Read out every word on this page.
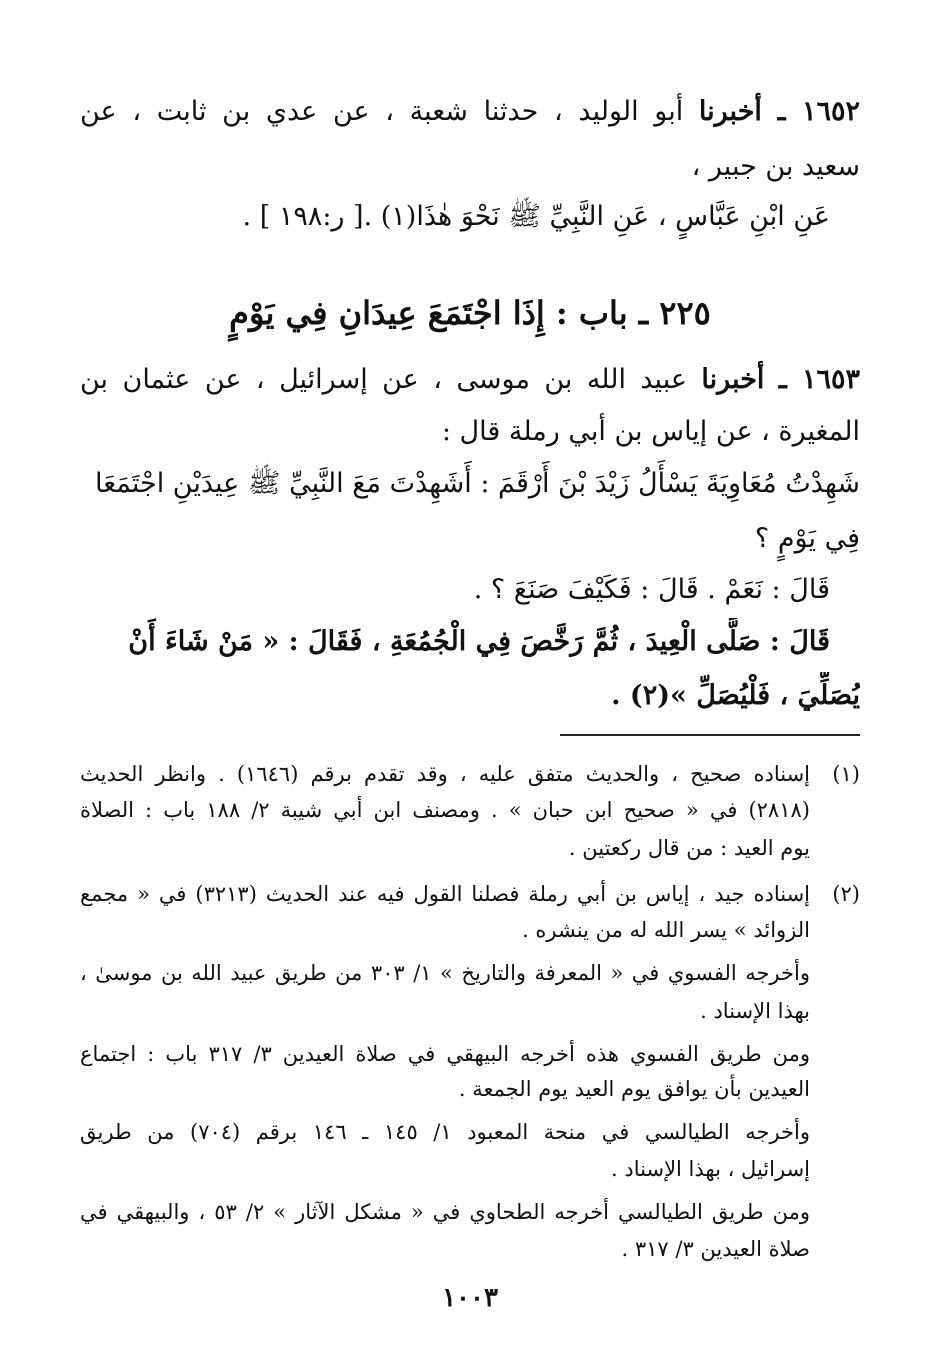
١٦٥٢ ـ أخبرنا أبو الوليد ، حدثنا شعبة ، عن عدي بن ثابت ، عن
سعيد بن جبير ،
عَنِ ابْنِ عَبَّاسٍ ، عَنِ النَّبِيِّ ﷺ نَحْوَ هٰذَا(١) .[ ر:١٩٨ ] .
٢٢٥ ـ باب : إِذَا اجْتَمَعَ عِيدَانِ فِي يَوْمٍ
١٦٥٣ ـ أخبرنا عبيد الله بن موسى ، عن إسرائيل ، عن عثمان بن
المغيرة ، عن إياس بن أبي رملة قال :
شَهِدْتُ مُعَاوِيَةَ يَسْأَلُ زَيْدَ بْنَ أَرْقَمَ : أَشَهِدْتَ مَعَ النَّبِيِّ ﷺ عِيدَيْنِ اجْتَمَعَا
فِي يَوْمٍ ؟
قَالَ : نَعَمْ . قَالَ : فَكَيْفَ صَنَعَ ؟ .
قَالَ : صَلَّى الْعِيدَ ، ثُمَّ رَخَّصَ فِي الْجُمُعَةِ ، فَقَالَ : « مَنْ شَاءَ أَنْ
يُصَلِّيَ ، فَلْيُصَلِّ »(٢) .
(١)
إسناده صحيح ، والحديث متفق عليه ، وقد تقدم برقم (١٦٤٦) . وانظر الحديث
(٢٨١٨) في « صحيح ابن حبان » . ومصنف ابن أبي شيبة ٢/ ١٨٨ باب : الصلاة
يوم العيد : من قال ركعتين .
(٢)
إسناده جيد ، إياس بن أبي رملة فصلنا القول فيه عند الحديث (٣٢١٣) في « مجمع
الزوائد » يسر الله له من ينشره .
وأخرجه الفسوي في « المعرفة والتاريخ » ١/ ٣٠٣ من طريق عبيد الله بن موسىٰ ،
بهذا الإسناد .
ومن طريق الفسوي هذه أخرجه البيهقي في صلاة العيدين ٣/ ٣١٧ باب : اجتماع
العيدين بأن يوافق يوم العيد يوم الجمعة .
وأخرجه الطيالسي في منحة المعبود ١/ ١٤٥ ـ ١٤٦ برقم (٧٠٤) من طريق
إسرائيل ، بهذا الإسناد .
ومن طريق الطيالسي أخرجه الطحاوي في « مشكل الآثار » ٢/ ٥٣ ، والبيهقي في
صلاة العيدين ٣/ ٣١٧ .
١٠٠٣
